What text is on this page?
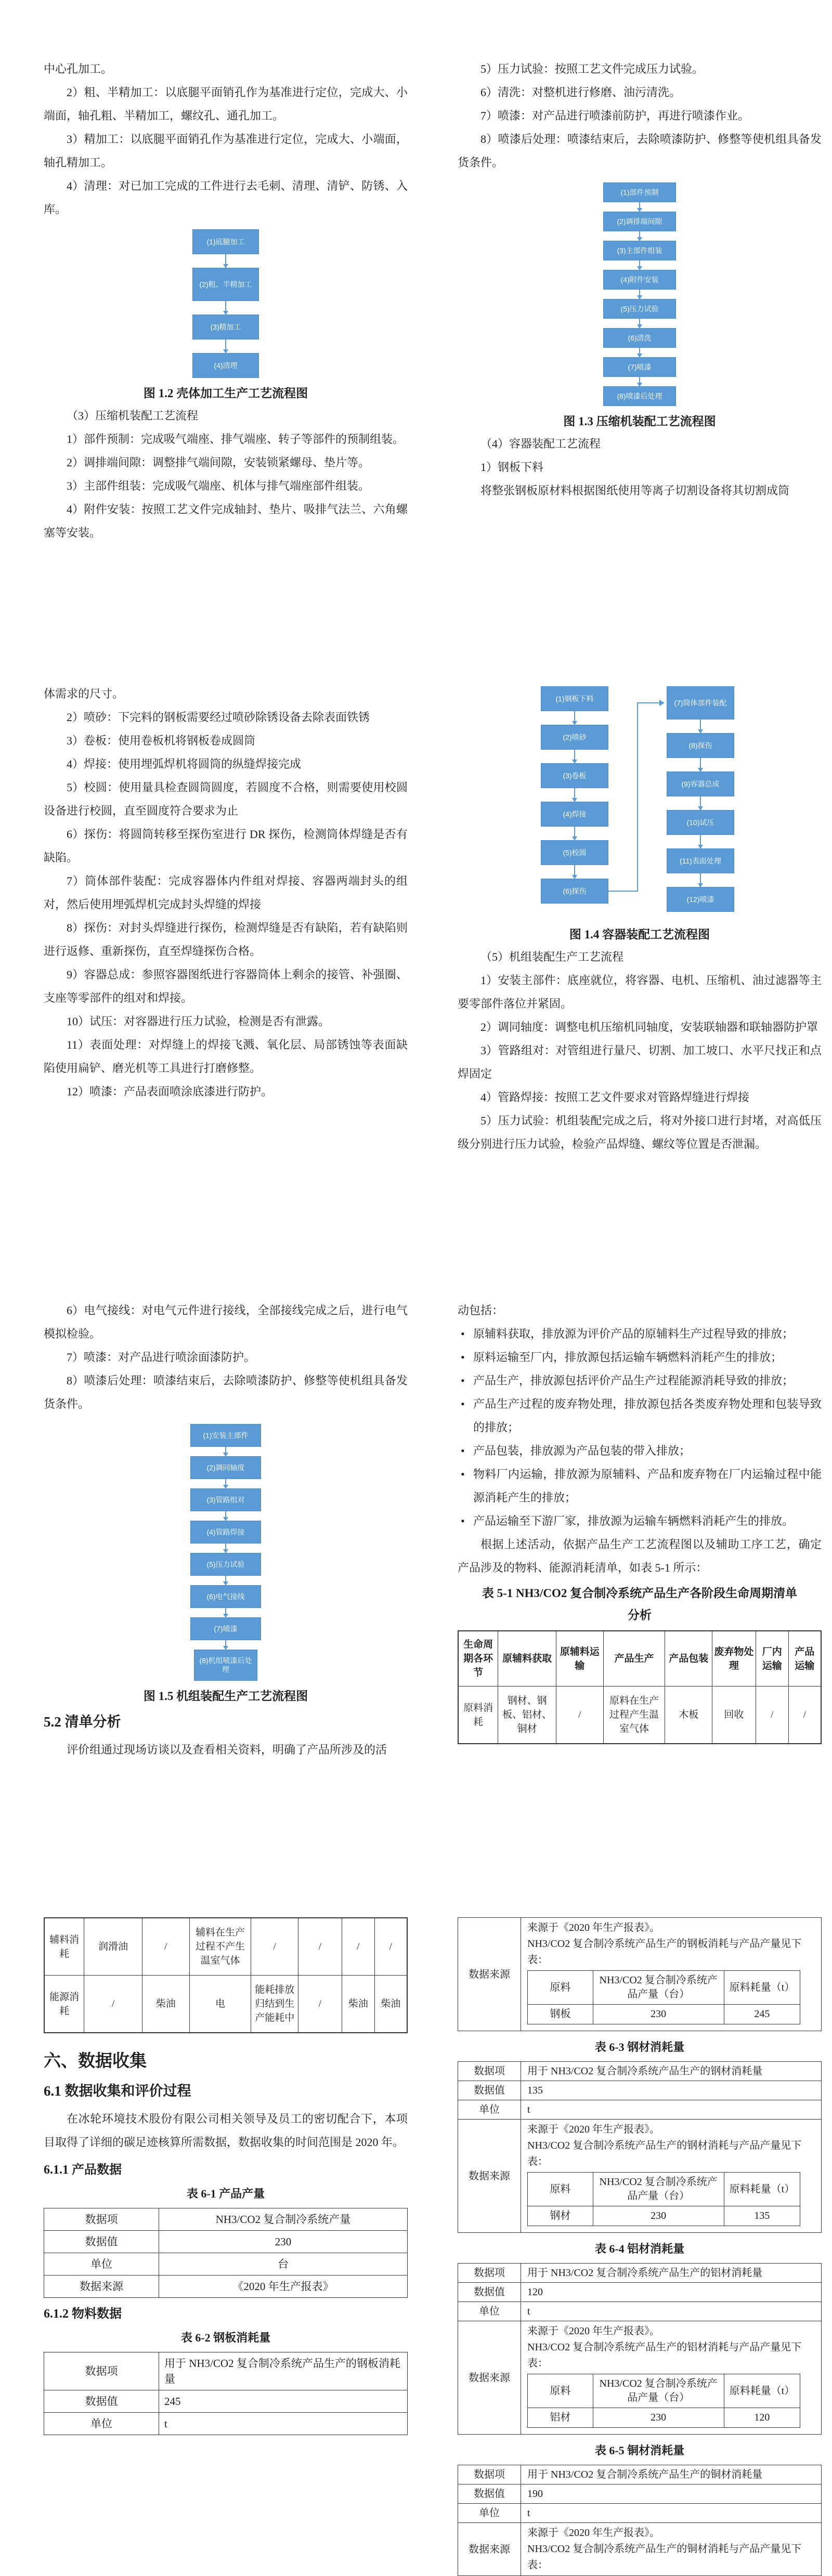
中心孔加工。

2）粗、半精加工：以底腿平面销孔作为基准进行定位，完成大、小端面，轴孔粗、半精加工，螺纹孔、通孔加工。

3）精加工：以底腿平面销孔作为基准进行定位，完成大、小端面，轴孔精加工。

4）清理：对已加工完成的工件进行去毛刺、清理、清铲、防锈、入库。

(1)底腿加工
(2)粗、半精加工
(3)精加工
(4)清理
图 1.2 壳体加工生产工艺流程图

（3）压缩机装配工艺流程

1）部件预制：完成吸气端座、排气端座、转子等部件的预制组装。

2）调排端间隙：调整排气端间隙，安装锁紧螺母、垫片等。

3）主部件组装：完成吸气端座、机体与排气端座部件组装。

4）附件安装：按照工艺文件完成轴封、垫片、吸排气法兰、六角螺塞等安装。

5）压力试验：按照工艺文件完成压力试验。

6）清洗：对整机进行修磨、油污清洗。

7）喷漆：对产品进行喷漆前防护，再进行喷漆作业。

8）喷漆后处理：喷漆结束后，去除喷漆防护、修整等使机组具备发货条件。

(1)部件预制
(2)调排端间隙
(3)主部件组装
(4)附件安装
(5)压力试验
(6)清洗
(7)喷漆
(8)喷漆后处理
图 1.3 压缩机装配工艺流程图

（4）容器装配工艺流程

1）钢板下料

将整张钢板原材料根据图纸使用等离子切割设备将其切割成筒

体需求的尺寸。

2）喷砂：下完料的钢板需要经过喷砂除锈设备去除表面铁锈

3）卷板：使用卷板机将钢板卷成圆筒

4）焊接：使用埋弧焊机将圆筒的纵缝焊接完成

5）校圆：使用量具检查圆筒圆度，若圆度不合格，则需要使用校圆设备进行校圆，直至圆度符合要求为止

6）探伤：将圆筒转移至探伤室进行 DR 探伤，检测筒体焊缝是否有缺陷。

7）筒体部件装配：完成容器体内件组对焊接、容器两端封头的组对，然后使用埋弧焊机完成封头焊缝的焊接

8）探伤：对封头焊缝进行探伤，检测焊缝是否有缺陷，若有缺陷则进行返修、重新探伤，直至焊缝探伤合格。

9）容器总成：参照容器图纸进行容器筒体上剩余的接管、补强圈、支座等零部件的组对和焊接。

10）试压：对容器进行压力试验，检测是否有泄露。

11）表面处理：对焊缝上的焊接飞溅、氧化层、局部锈蚀等表面缺陷使用扁铲、磨光机等工具进行打磨修整。

12）喷漆：产品表面喷涂底漆进行防护。

(1)钢板下料
(2)喷砂
(3)卷板
(4)焊接
(5)校圆
(6)探伤
(7)筒体部件装配
(8)探伤
(9)容器总成
(10)试压
(11)表面处理
(12)喷漆
图 1.4 容器装配工艺流程图

（5）机组装配生产工艺流程

1）安装主部件：底座就位，将容器、电机、压缩机、油过滤器等主要零部件落位并紧固。

2）调同轴度：调整电机压缩机同轴度，安装联轴器和联轴器防护罩

3）管路组对：对管组进行量尺、切割、加工坡口、水平尺找正和点焊固定

4）管路焊接：按照工艺文件要求对管路焊缝进行焊接

5）压力试验：机组装配完成之后，将对外接口进行封堵，对高低压级分别进行压力试验，检验产品焊缝、螺纹等位置是否泄漏。

6）电气接线：对电气元件进行接线，全部接线完成之后，进行电气模拟检验。

7）喷漆：对产品进行喷涂面漆防护。

8）喷漆后处理：喷漆结束后，去除喷漆防护、修整等使机组具备发货条件。

(1)安装主部件
(2)调同轴度
(3)管路组对
(4)管路焊接
(5)压力试验
(6)电气接线
(7)喷漆
(8)机组喷漆后处理
图 1.5 机组装配生产工艺流程图
5.2 清单分析

评价组通过现场访谈以及查看相关资料，明确了产品所涉及的活

动包括：

• 原辅料获取，排放源为评价产品的原辅料生产过程导致的排放；

• 原料运输至厂内，排放源包括运输车辆燃料消耗产生的排放；

• 产品生产，排放源包括评价产品生产过程能源消耗导致的排放；

• 产品生产过程的废弃物处理，排放源包括各类废弃物处理和包装导致的排放；

• 产品包装，排放源为产品包装的带入排放；

• 物料厂内运输，排放源为原辅料、产品和废弃物在厂内运输过程中能源消耗产生的排放；

• 产品运输至下游厂家，排放源为运输车辆燃料消耗产生的排放。

根据上述活动，依据产品生产工艺流程图以及辅助工序工艺，确定产品涉及的物料、能源消耗清单，如表 5-1 所示：

表 5-1 NH3/CO2 复合制冷系统产品生产各阶段生命周期清单
分析
生命周期各环节	原辅料获取	原辅料运输	产品生产	产品包装	废弃物处理	厂内运输	产品运输
原料消耗	钢材、钢板、铝材、铜材	/	原料在生产过程产生温室气体	木板	回收	/	/
辅料消耗	润滑油	/	辅料在生产过程不产生温室气体	/	/	/	/
能源消耗	/	柴油	电	能耗排放归结到生产能耗中	/	柴油	柴油
六、数据收集
6.1 数据收集和评价过程

在冰轮环境技术股份有限公司相关领导及员工的密切配合下，本项目取得了详细的碳足迹核算所需数据，数据收集的时间范围是 2020 年。

6.1.1 产品数据
表 6-1 产品产量
数据项	NH3/CO2 复合制冷系统产量
数据值	230
单位	台
数据来源	《2020 年生产报表》
6.1.2 物料数据
表 6-2 钢板消耗量
数据项	用于 NH3/CO2 复合制冷系统产品生产的钢板消耗量
数据值	245
单位	t
数据来源	
来源于《2020 年生产报表》。
NH3/CO2 复合制冷系统产品生产的钢板消耗与产品产量见下表：
原料	NH3/CO2 复合制冷系统产品产量（台）	原料耗量（t）
钢板	230	245
表 6-3 钢材消耗量
数据项	用于 NH3/CO2 复合制冷系统产品生产的钢材消耗量
数据值	135
单位	t
数据来源	
来源于《2020 年生产报表》。
NH3/CO2 复合制冷系统产品生产的钢材消耗与产品产量见下表：
原料	NH3/CO2 复合制冷系统产品产量（台）	原料耗量（t）
钢材	230	135
表 6-4 铝材消耗量
数据项	用于 NH3/CO2 复合制冷系统产品生产的铝材消耗量
数据值	120
单位	t
数据来源	
来源于《2020 年生产报表》。
NH3/CO2 复合制冷系统产品生产的铝材消耗与产品产量见下表：
原料	NH3/CO2 复合制冷系统产品产量（台）	原料耗量（t）
铝材	230	120
表 6-5 铜材消耗量
数据项	用于 NH3/CO2 复合制冷系统产品生产的铜材消耗量
数据值	190
单位	t
数据来源	来源于《2020 年生产报表》。
NH3/CO2 复合制冷系统产品生产的铜材消耗与产品产量见下表：
